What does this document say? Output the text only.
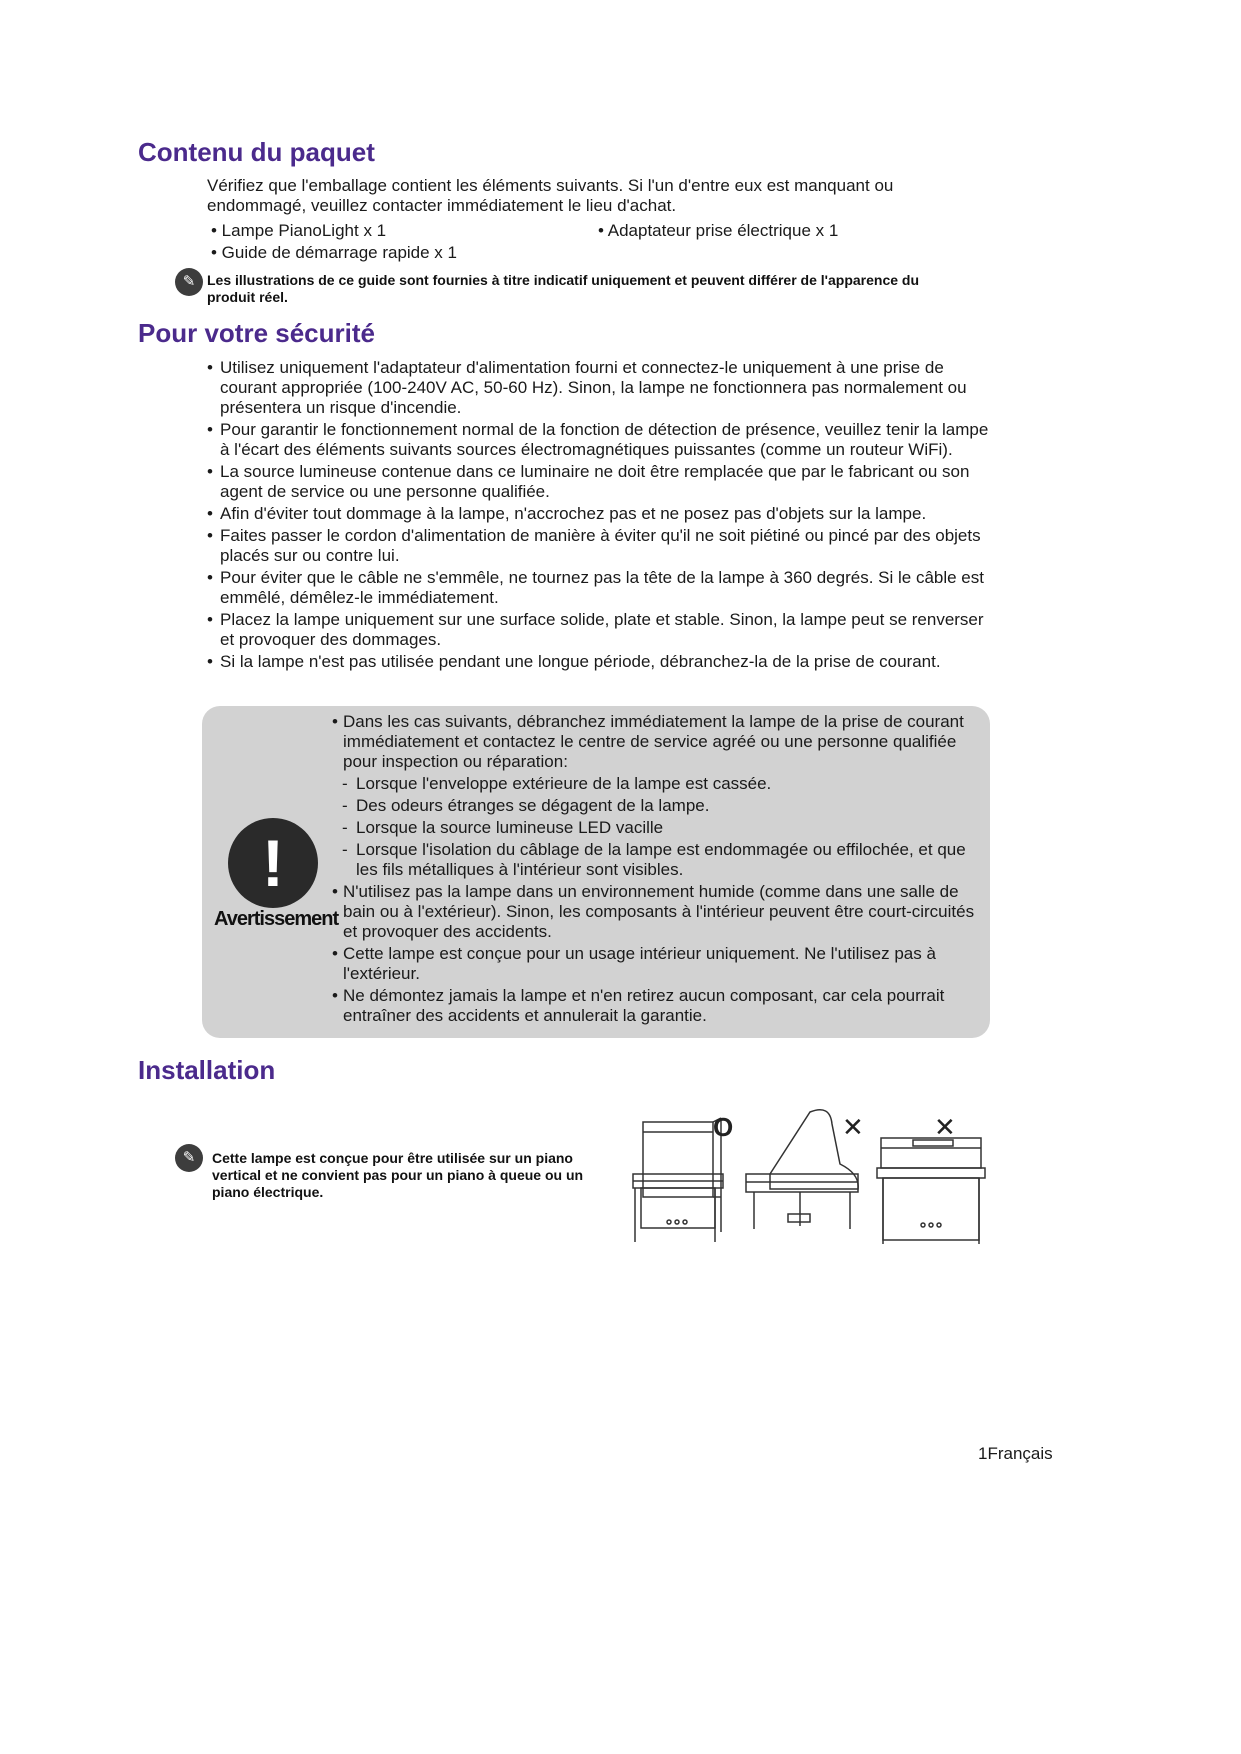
Contenu du paquet
Vérifiez que l'emballage contient les éléments suivants. Si l'un d'entre eux est manquant ou endommagé, veuillez contacter immédiatement le lieu d'achat.
• Lampe PianoLight x 1	• Adaptateur prise électrique x 1
• Guide de démarrage rapide x 1
✎ Les illustrations de ce guide sont fournies à titre indicatif uniquement et peuvent différer de l'apparence du produit réel.
Pour votre sécurité
• Utilisez uniquement l'adaptateur d'alimentation fourni et connectez-le uniquement à une prise de courant appropriée (100-240V AC, 50-60 Hz). Sinon, la lampe ne fonctionnera pas normalement ou présentera un risque d'incendie.
• Pour garantir le fonctionnement normal de la fonction de détection de présence, veuillez tenir la lampe à l'écart des éléments suivants sources électromagnétiques puissantes (comme un routeur WiFi).
• La source lumineuse contenue dans ce luminaire ne doit être remplacée que par le fabricant ou son agent de service ou une personne qualifiée.
• Afin d'éviter tout dommage à la lampe, n'accrochez pas et ne posez pas d'objets sur la lampe.
• Faites passer le cordon d'alimentation de manière à éviter qu'il ne soit piétiné ou pincé par des objets placés sur ou contre lui.
• Pour éviter que le câble ne s'emmêle, ne tournez pas la tête de la lampe à 360 degrés. Si le câble est emmêlé, démêlez-le immédiatement.
• Placez la lampe uniquement sur une surface solide, plate et stable. Sinon, la lampe peut se renverser et provoquer des dommages.
• Si la lampe n'est pas utilisée pendant une longue période, débranchez-la de la prise de courant.
!
Avertissement
• Dans les cas suivants, débranchez immédiatement la lampe de la prise de courant immédiatement et contactez le centre de service agréé ou une personne qualifiée pour inspection ou réparation:
- Lorsque l'enveloppe extérieure de la lampe est cassée.
- Des odeurs étranges se dégagent de la lampe.
- Lorsque la source lumineuse LED vacille
- Lorsque l'isolation du câblage de la lampe est endommagée ou effilochée, et que les fils métalliques à l'intérieur sont visibles.
• N'utilisez pas la lampe dans un environnement humide (comme dans une salle de bain ou à l'extérieur). Sinon, les composants à l'intérieur peuvent être court-circuités et provoquer des accidents.
• Cette lampe est conçue pour un usage intérieur uniquement. Ne l'utilisez pas à l'extérieur.
• Ne démontez jamais la lampe et n'en retirez aucun composant, car cela pourrait entraîner des accidents et annulerait la garantie.
Installation
✎	Cette lampe est conçue pour être utilisée sur un piano vertical et ne convient pas pour un piano à queue ou un piano électrique.
O	✕	✕
1Français
